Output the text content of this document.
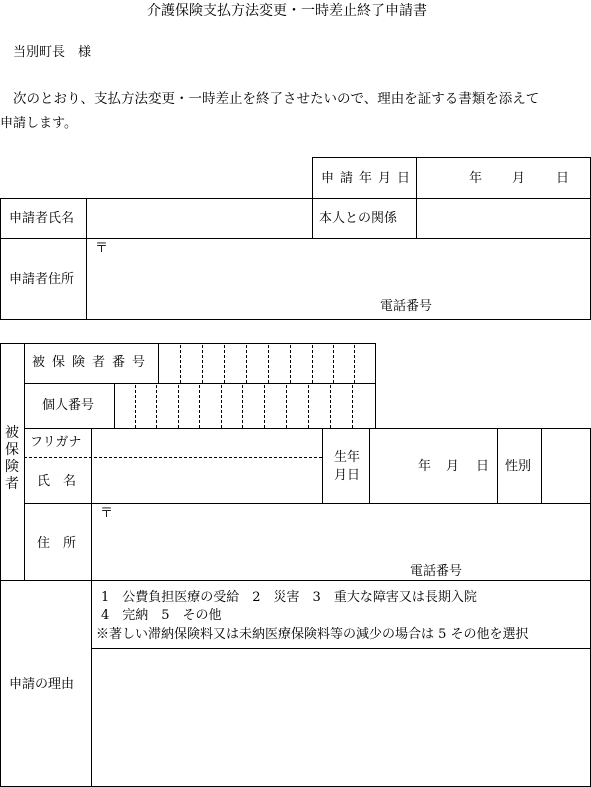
介護保険支払方法変更・一時差止終了申請書
当別町長　様
次のとおり、支払方法変更・一時差止を終了させたいので、理由を証する書類を添えて
申請します。
申請年月日	年 月 日
申請者氏名	本人との関係
申請者住所
〒
電話番号
被保険者
被保険者番号
個人番号
フリガナ
氏　名
生年
月日
年 月 日 性別
住　所
〒
電話番号
申請の理由
1　公費負担医療の受給　2　災害　3　重大な障害又は長期入院
4　完納　5　その他
※著しい滞納保険料又は未納医療保険料等の減少の場合は 5 その他を選択
